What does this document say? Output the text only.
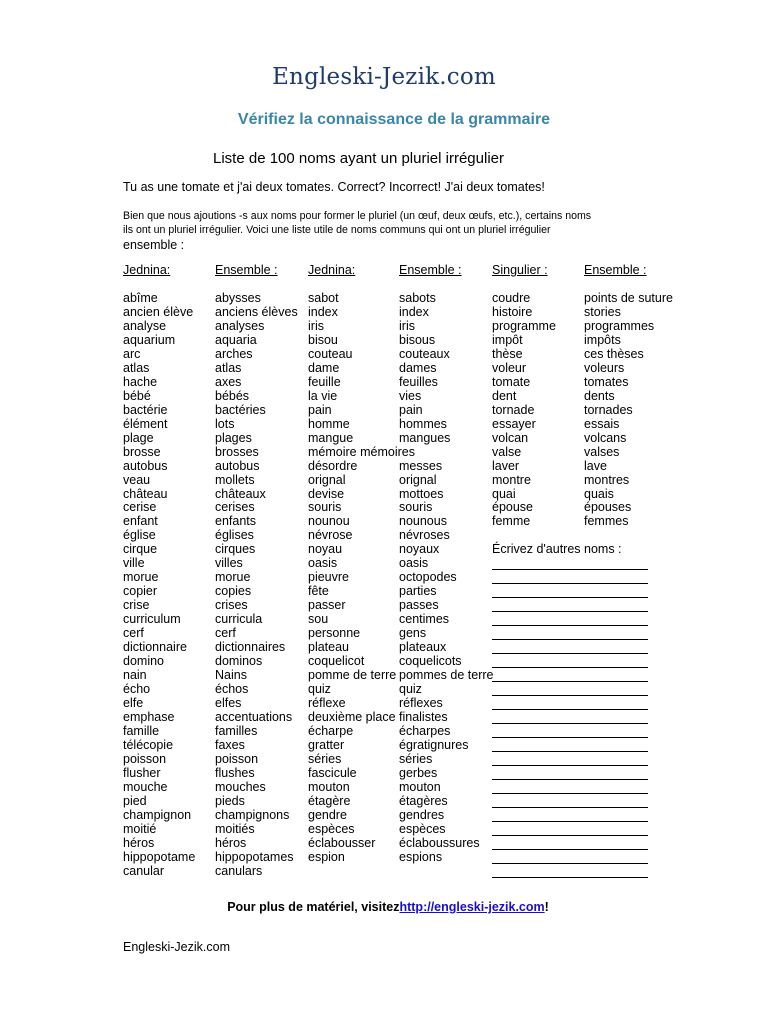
Engleski-Jezik.com
Vérifiez la connaissance de la grammaire
Liste de 100 noms ayant un pluriel irrégulier
Tu as une tomate et j'ai deux tomates. Correct? Incorrect! J'ai deux tomates!
Bien que nous ajoutions -s aux noms pour former le pluriel (un œuf, deux œufs, etc.), certains noms
ils ont un pluriel irrégulier. Voici une liste utile de noms communs qui ont un pluriel irrégulier
ensemble :
Jednina:
abîme
ancien élève
analyse
aquarium
arc
atlas
hache
bébé
bactérie
élément
plage
brosse
autobus
veau
château
cerise
enfant
église
cirque
ville
morue
copier
crise
curriculum
cerf
dictionnaire
domino
nain
écho
elfe
emphase
famille
télécopie
poisson
flusher
mouche
pied
champignon
moitié
héros
hippopotame
canular
Ensemble :
abysses
anciens élèves
analyses
aquaria
arches
atlas
axes
bébés
bactéries
lots
plages
brosses
autobus
mollets
châteaux
cerises
enfants
églises
cirques
villes
morue
copies
crises
curricula
cerf
dictionnaires
dominos
Nains
échos
elfes
accentuations
familles
faxes
poisson
flushes
mouches
pieds
champignons
moitiés
héros
hippopotames
canulars
Jednina:
sabot
index
iris
bisou
couteau
dame
feuille
la vie
pain
homme
mangue
mémoire mémoires
désordre
orignal
devise
souris
nounou
névrose
noyau
oasis
pieuvre
fête
passer
sou
personne
plateau
coquelicot
pomme de terre
quiz
réflexe
deuxième place
écharpe
gratter
séries
fascicule
mouton
étagère
gendre
espèces
éclabousser
espion
Ensemble :
sabots
index
iris
bisous
couteaux
dames
feuilles
vies
pain
hommes
mangues
messes
orignal
mottoes
souris
nounous
névroses
noyaux
oasis
octopodes
parties
passes
centimes
gens
plateaux
coquelicots
pommes de terre
quiz
réflexes
finalistes
écharpes
égratignures
séries
gerbes
mouton
étagères
gendres
espèces
éclaboussures
espions
Singulier :
coudre
histoire
programme
impôt
thèse
voleur
tomate
dent
tornade
essayer
volcan
valse
laver
montre
quai
épouse
femme
Écrivez d'autres noms :
Ensemble :
points de suture
stories
programmes
impôts
ces thèses
voleurs
tomates
dents
tornades
essais
volcans
valses
lave
montres
quais
épouses
femmes
Pour plus de matériel, visitezhttp://engleski-jezik.com!
Engleski-Jezik.com
